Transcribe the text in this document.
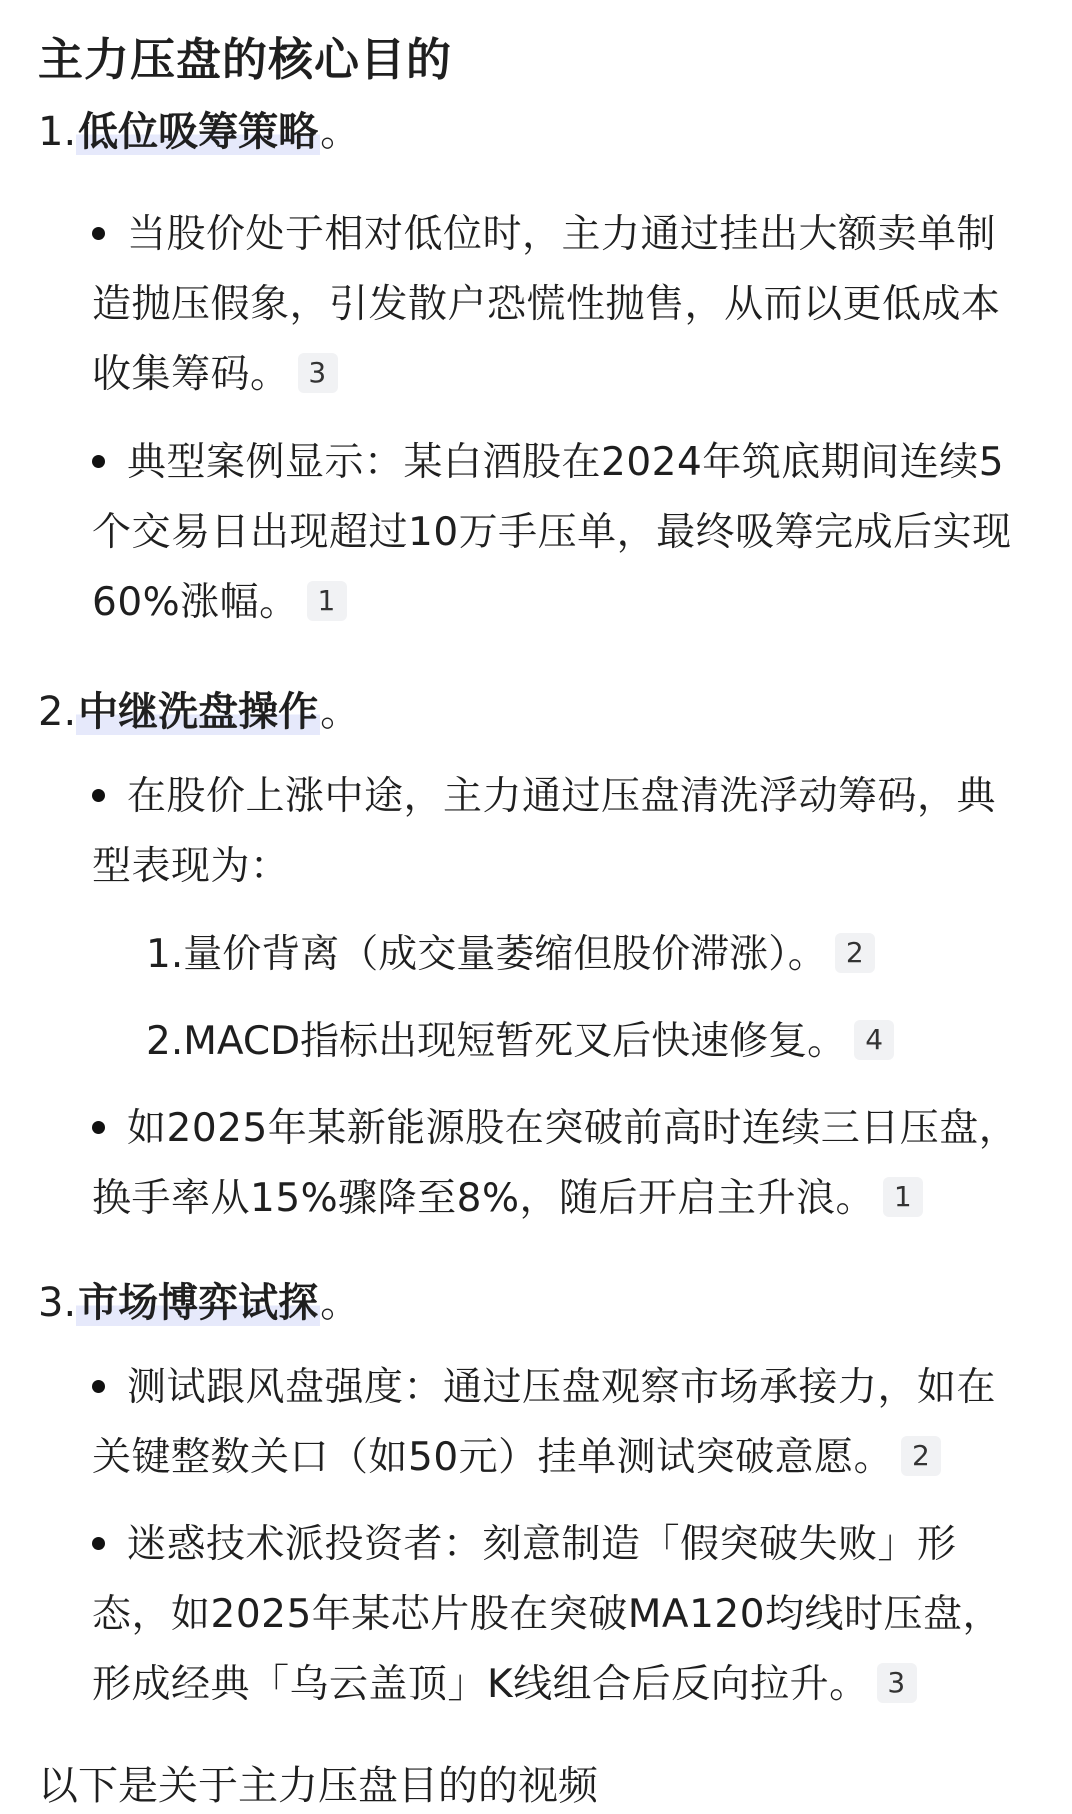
主力压盘的核心目的
1.低位吸筹策略。
当股价处于相对低位时，主力通过挂出大额卖单制造抛压假象，引发散户恐慌性抛售，从而以更低成本收集筹码。 3
典型案例显示：某白酒股在2024年筑底期间连续5个交易日出现超过10万手压单，最终吸筹完成后实现60%涨幅。 1
2.中继洗盘操作。
在股价上涨中途，主力通过压盘清洗浮动筹码，典型表现为：
1.量价背离（成交量萎缩但股价滞涨）。 2
2.MACD指标出现短暂死叉后快速修复。 4
如2025年某新能源股在突破前高时连续三日压盘，换手率从15%骤降至8%，随后开启主升浪。 1
3.市场博弈试探。
测试跟风盘强度：通过压盘观察市场承接力，如在关键整数关口（如50元）挂单测试突破意愿。 2
迷惑技术派投资者：刻意制造「假突破失败」形态，如2025年某芯片股在突破MA120均线时压盘，形成经典「乌云盖顶」K线组合后反向拉升。 3
以下是关于主力压盘目的的视频
